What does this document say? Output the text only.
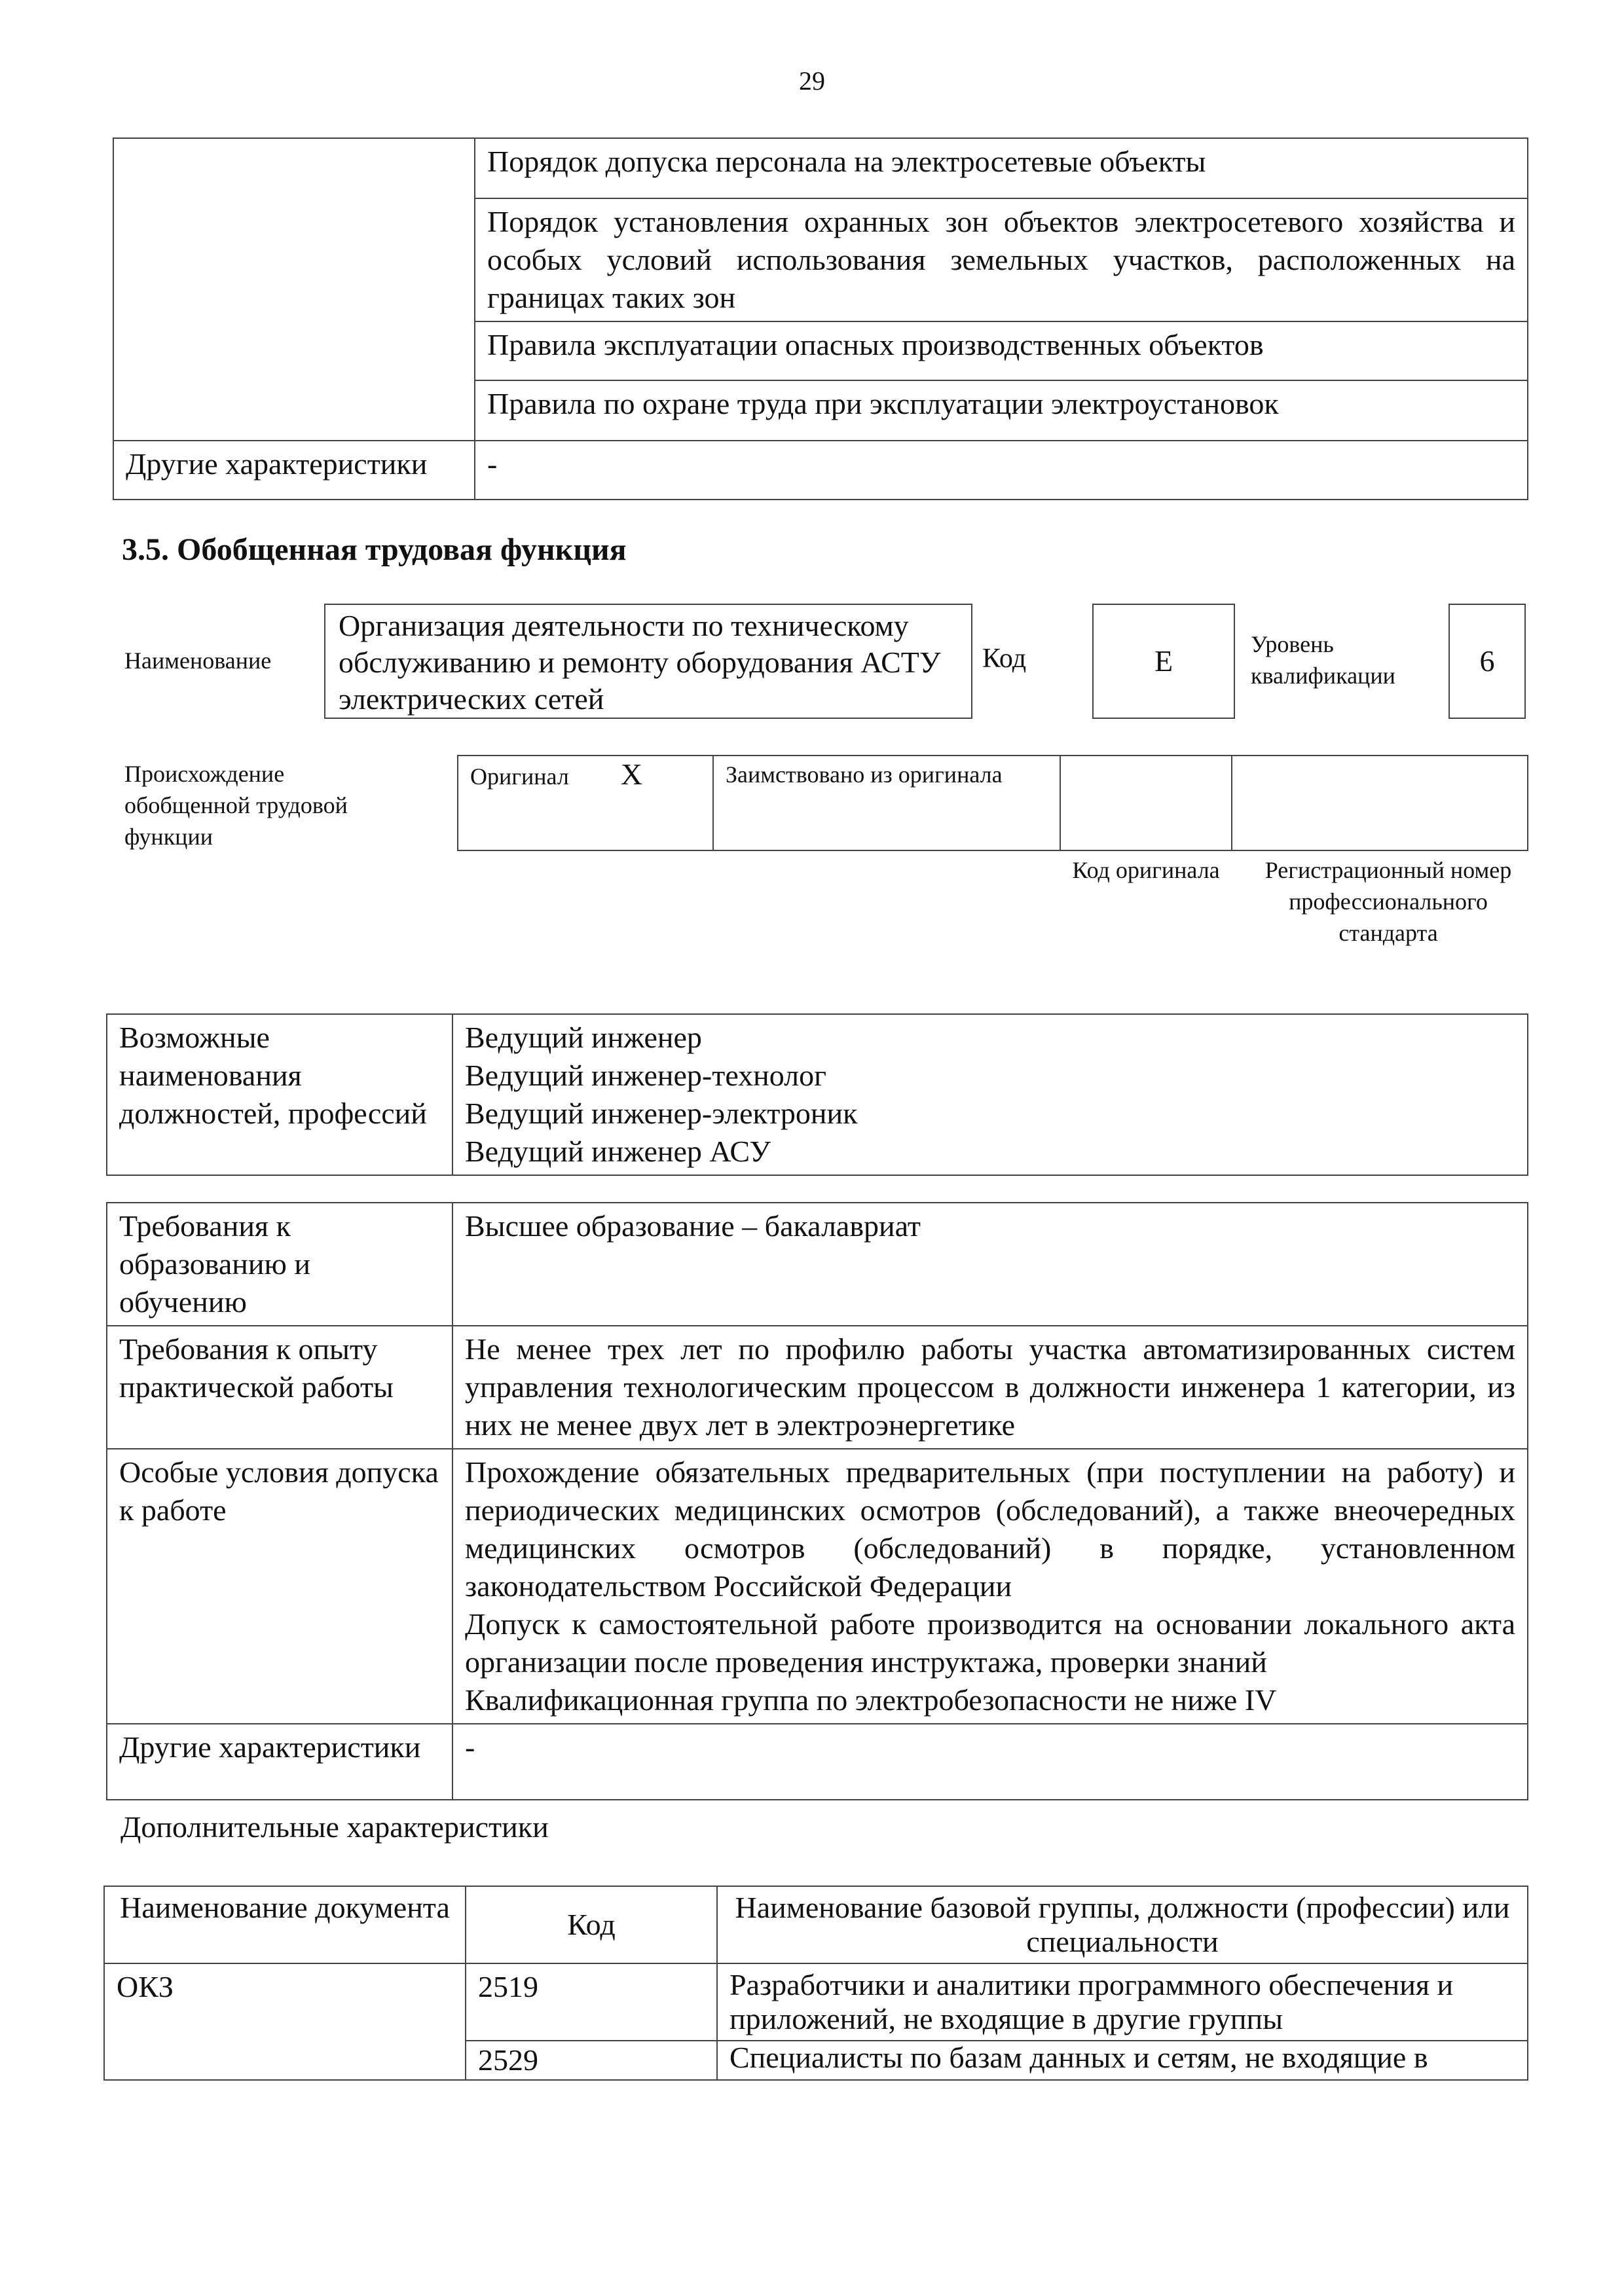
29
	Порядок допуска персонала на электросетевые объекты
	Порядок установления охранных зон объектов электросетевого хозяйства и особых условий использования земельных участков, расположенных на границах таких зон
	Правила эксплуатации опасных производственных объектов
	Правила по охране труда при эксплуатации электроустановок
Другие характеристики	-
3.5. Обобщенная трудовая функция
Наименование
Организация деятельности по техническому обслуживанию и ремонту оборудования АСТУ электрических сетей
Код	E	Уровень квалификации	6
Происхождение обобщенной трудовой функции
Оригинал X	Заимствовано из оригинала		
Код оригинала	Регистрационный номер профессионального стандарта
Возможные наименования должностей, профессий	
Ведущий инженер
Ведущий инженер-технолог
Ведущий инженер-электроник
Ведущий инженер АСУ
Требования к образованию и обучению	Высшее образование – бакалавриат
Требования к опыту практической работы	Не менее трех лет по профилю работы участка автоматизированных систем управления технологическим процессом в должности инженера 1 категории, из них не менее двух лет в электроэнергетике
Особые условия допуска к работе	Прохождение обязательных предварительных (при поступлении на работу) и периодических медицинских осмотров (обследований), а также внеочередных медицинских осмотров (обследований) в порядке, установленном законодательством Российской Федерации
Допуск к самостоятельной работе производится на основании локального акта организации после проведения инструктажа, проверки знаний
Квалификационная группа по электробезопасности не ниже IV

Другие характеристики	-
Дополнительные характеристики
Наименование документа	Код	Наименование базовой группы, должности (профессии) или специальности
ОКЗ	2519	Разработчики и аналитики программного обеспечения и приложений, не входящие в другие группы
	2529	Специалисты по базам данных и сетям, не входящие в
